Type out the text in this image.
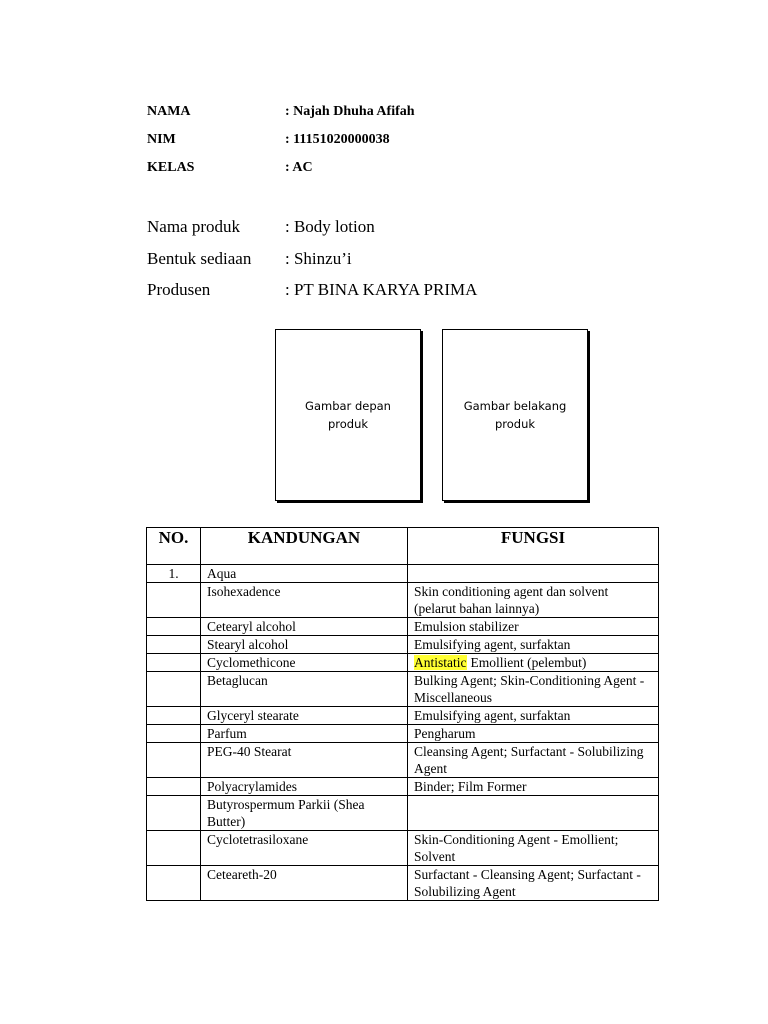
NAMA	: Najah Dhuha Afifah
NIM	: 11151020000038
KELAS	: AC
Nama produk	: Body lotion
Bentuk sediaan : Shinzu’i
Produsen	: PT BINA KARYA PRIMA
Gambar depan
produk
Gambar belakang
produk
NO.	KANDUNGAN	FUNGSI
1.	Aqua	
	Isohexadence	Skin conditioning agent dan solvent (pelarut bahan lainnya)
	Cetearyl alcohol	Emulsion stabilizer
	Stearyl alcohol	Emulsifying agent, surfaktan
	Cyclomethicone	Antistatic Emollient (pelembut)
	Betaglucan	Bulking Agent; Skin-Conditioning Agent - Miscellaneous
	Glyceryl stearate	Emulsifying agent, surfaktan
	Parfum	Pengharum
	PEG-40 Stearat	Cleansing Agent; Surfactant - Solubilizing Agent
	Polyacrylamides	Binder; Film Former
	Butyrospermum Parkii (Shea Butter)	
	Cyclotetrasiloxane	Skin-Conditioning Agent - Emollient; Solvent
	Ceteareth-20	Surfactant - Cleansing Agent; Surfactant - Solubilizing Agent
